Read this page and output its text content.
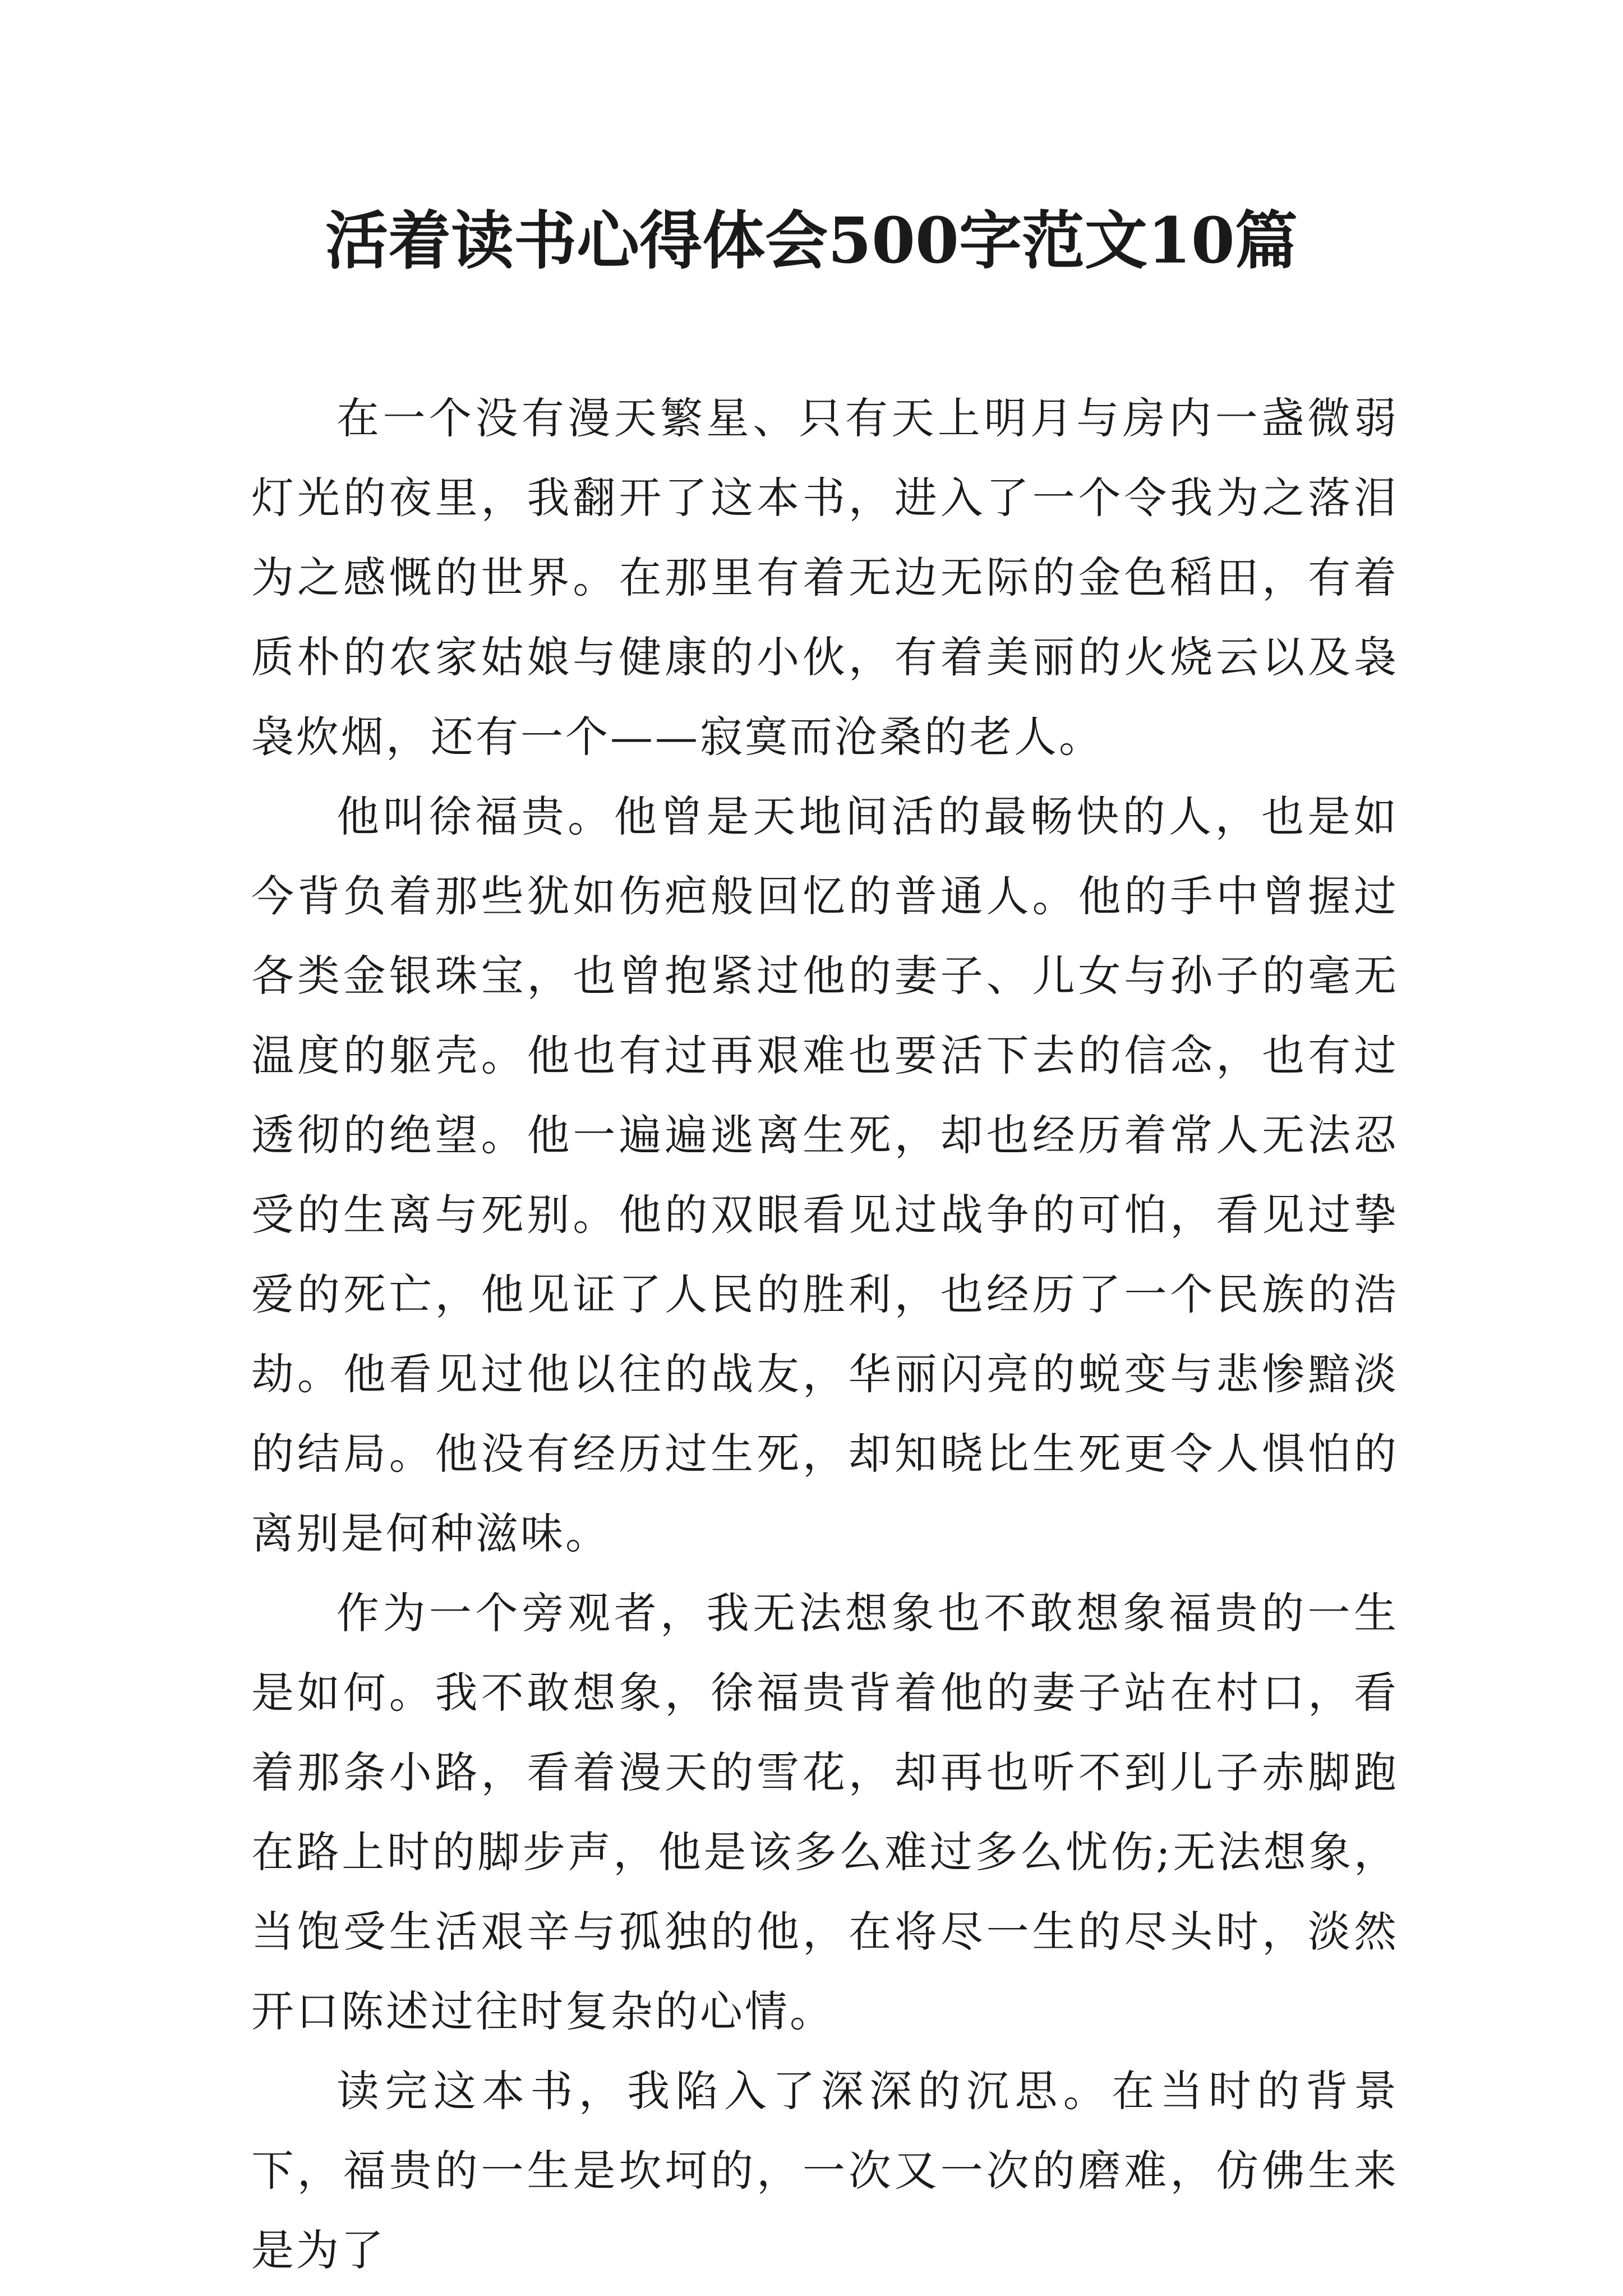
活着读书心得体会500字范文10篇

在一个没有漫天繁星、只有天上明月与房内一盏微弱灯光的夜里，我翻开了这本书，进入了一个令我为之落泪为之感慨的世界。在那里有着无边无际的金色稻田，有着质朴的农家姑娘与健康的小伙，有着美丽的火烧云以及袅袅炊烟，还有一个——寂寞而沧桑的老人。

他叫徐福贵。他曾是天地间活的最畅快的人，也是如今背负着那些犹如伤疤般回忆的普通人。他的手中曾握过各类金银珠宝，也曾抱紧过他的妻子、儿女与孙子的毫无温度的躯壳。他也有过再艰难也要活下去的信念，也有过透彻的绝望。他一遍遍逃离生死，却也经历着常人无法忍受的生离与死别。他的双眼看见过战争的可怕，看见过挚爱的死亡，他见证了人民的胜利，也经历了一个民族的浩劫。他看见过他以往的战友，华丽闪亮的蜕变与悲惨黯淡的结局。他没有经历过生死，却知晓比生死更令人惧怕的离别是何种滋味。

作为一个旁观者，我无法想象也不敢想象福贵的一生是如何。我不敢想象，徐福贵背着他的妻子站在村口，看着那条小路，看着漫天的雪花，却再也听不到儿子赤脚跑在路上时的脚步声，他是该多么难过多么忧伤;无法想象，当饱受生活艰辛与孤独的他，在将尽一生的尽头时，淡然开口陈述过往时复杂的心情。

读完这本书，我陷入了深深的沉思。在当时的背景下，福贵的一生是坎坷的，一次又一次的磨难，仿佛生来是为了
